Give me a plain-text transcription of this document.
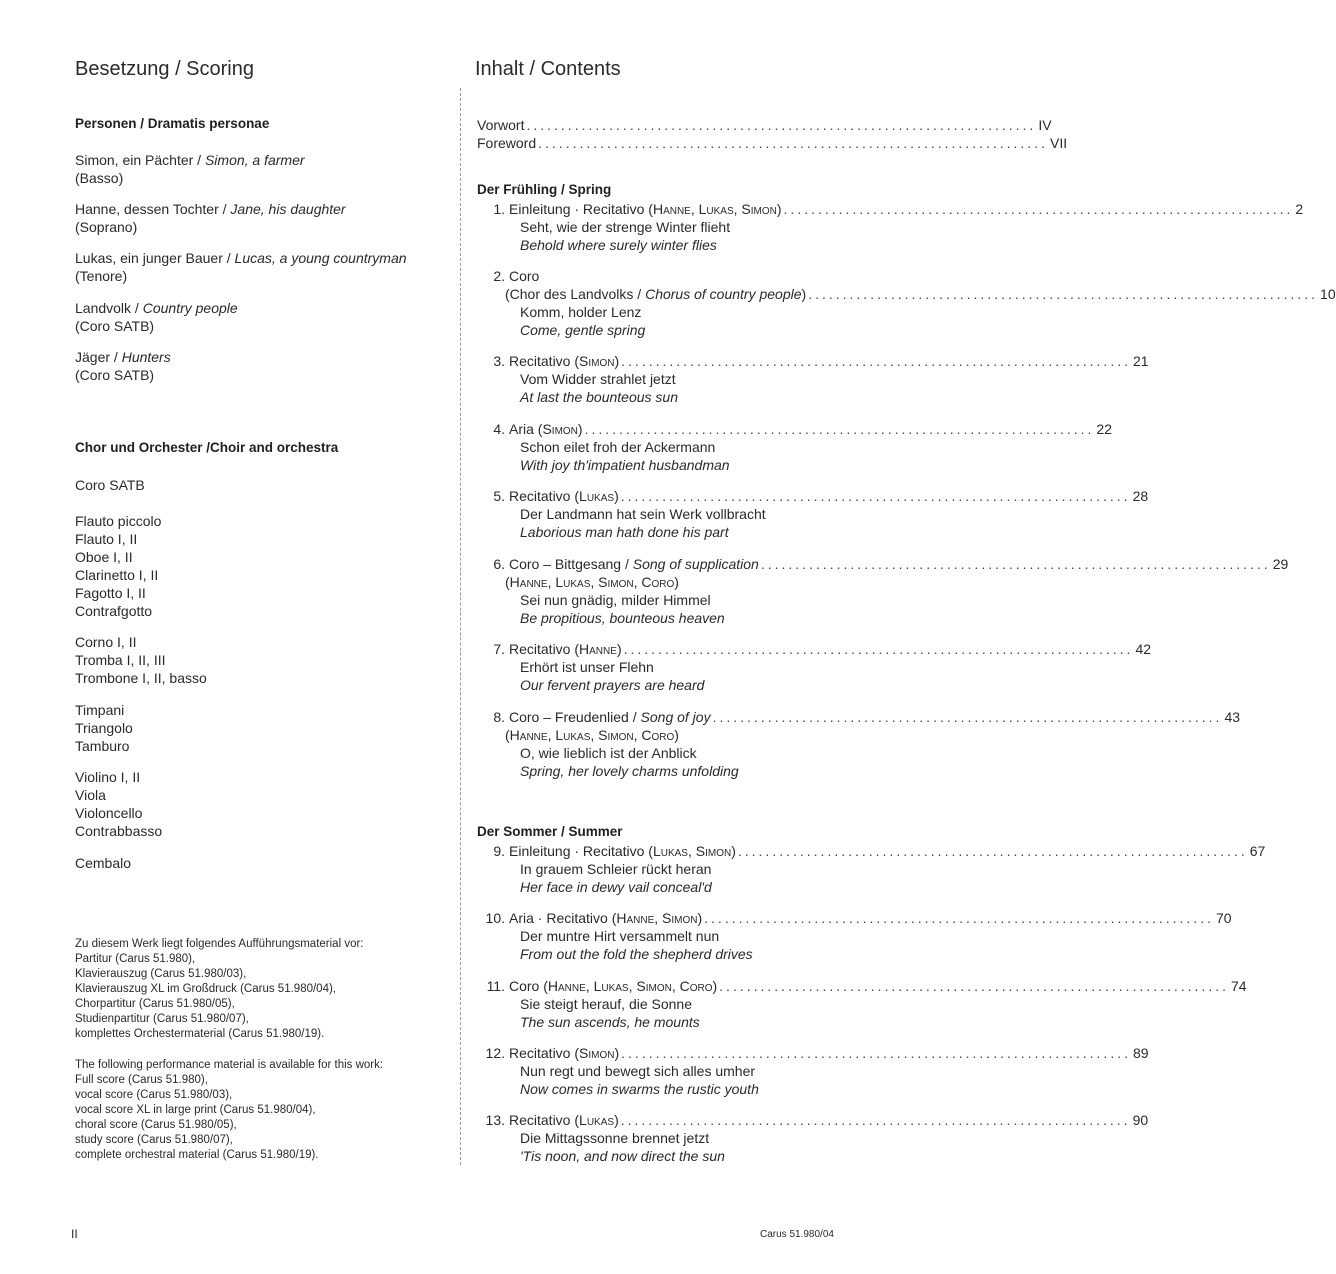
Besetzung / Scoring
Personen / Dramatis personae
Simon, ein Pächter / Simon, a farmer
(Basso)
Hanne, dessen Tochter / Jane, his daughter
(Soprano)
Lukas, ein junger Bauer / Lucas, a young countryman
(Tenore)
Landvolk / Country people
(Coro SATB)
Jäger / Hunters
(Coro SATB)
Chor und Orchester /Choir and orchestra
Coro SATB
Flauto piccolo
Flauto I, II
Oboe I, II
Clarinetto I, II
Fagotto I, II
Contrafgotto
Corno I, II
Tromba I, II, III
Trombone I, II, basso
Timpani
Triangolo
Tamburo
Violino I, II
Viola
Violoncello
Contrabbasso
Cembalo
Zu diesem Werk liegt folgendes Aufführungsmaterial vor:
Partitur (Carus 51.980),
Klavierauszug (Carus 51.980/03),
Klavierauszug XL im Großdruck (Carus 51.980/04),
Chorpartitur (Carus 51.980/05),
Studienpartitur (Carus 51.980/07),
komplettes Orchestermaterial (Carus 51.980/19).
The following performance material is available for this work:
Full score (Carus 51.980),
vocal score (Carus 51.980/03),
vocal score XL in large print (Carus 51.980/04),
choral score (Carus 51.980/05),
study score (Carus 51.980/07),
complete orchestral material (Carus 51.980/19).
Inhalt / Contents
Vorwort .......................................................................... IV
Foreword .......................................................................... VII
Der Frühling / Spring
1. Einleitung · Recitativo (Hanne, Lukas, Simon) .......................................................................... 2
Seht, wie der strenge Winter flieht
Behold where surely winter flies
2. Coro
(Chor des Landvolks / Chorus of country people) .......................................................................... 10
Komm, holder Lenz
Come, gentle spring
3. Recitativo (Simon) .......................................................................... 21
Vom Widder strahlet jetzt
At last the bounteous sun
4. Aria (Simon) .......................................................................... 22
Schon eilet froh der Ackermann
With joy th'impatient husbandman
5. Recitativo (Lukas) .......................................................................... 28
Der Landmann hat sein Werk vollbracht
Laborious man hath done his part
6. Coro – Bittgesang / Song of supplication .......................................................................... 29
(Hanne, Lukas, Simon, Coro)
Sei nun gnädig, milder Himmel
Be propitious, bounteous heaven
7. Recitativo (Hanne) .......................................................................... 42
Erhört ist unser Flehn
Our fervent prayers are heard
8. Coro – Freudenlied / Song of joy .......................................................................... 43
(Hanne, Lukas, Simon, Coro)
O, wie lieblich ist der Anblick
Spring, her lovely charms unfolding
Der Sommer / Summer
9. Einleitung · Recitativo (Lukas, Simon) .......................................................................... 67
In grauem Schleier rückt heran
Her face in dewy vail conceal'd
10. Aria · Recitativo (Hanne, Simon) .......................................................................... 70
Der muntre Hirt versammelt nun
From out the fold the shepherd drives
11. Coro (Hanne, Lukas, Simon, Coro) .......................................................................... 74
Sie steigt herauf, die Sonne
The sun ascends, he mounts
12. Recitativo (Simon) .......................................................................... 89
Nun regt und bewegt sich alles umher
Now comes in swarms the rustic youth
13. Recitativo (Lukas) .......................................................................... 90
Die Mittagssonne brennet jetzt
'Tis noon, and now direct the sun
II	Carus 51.980/04
